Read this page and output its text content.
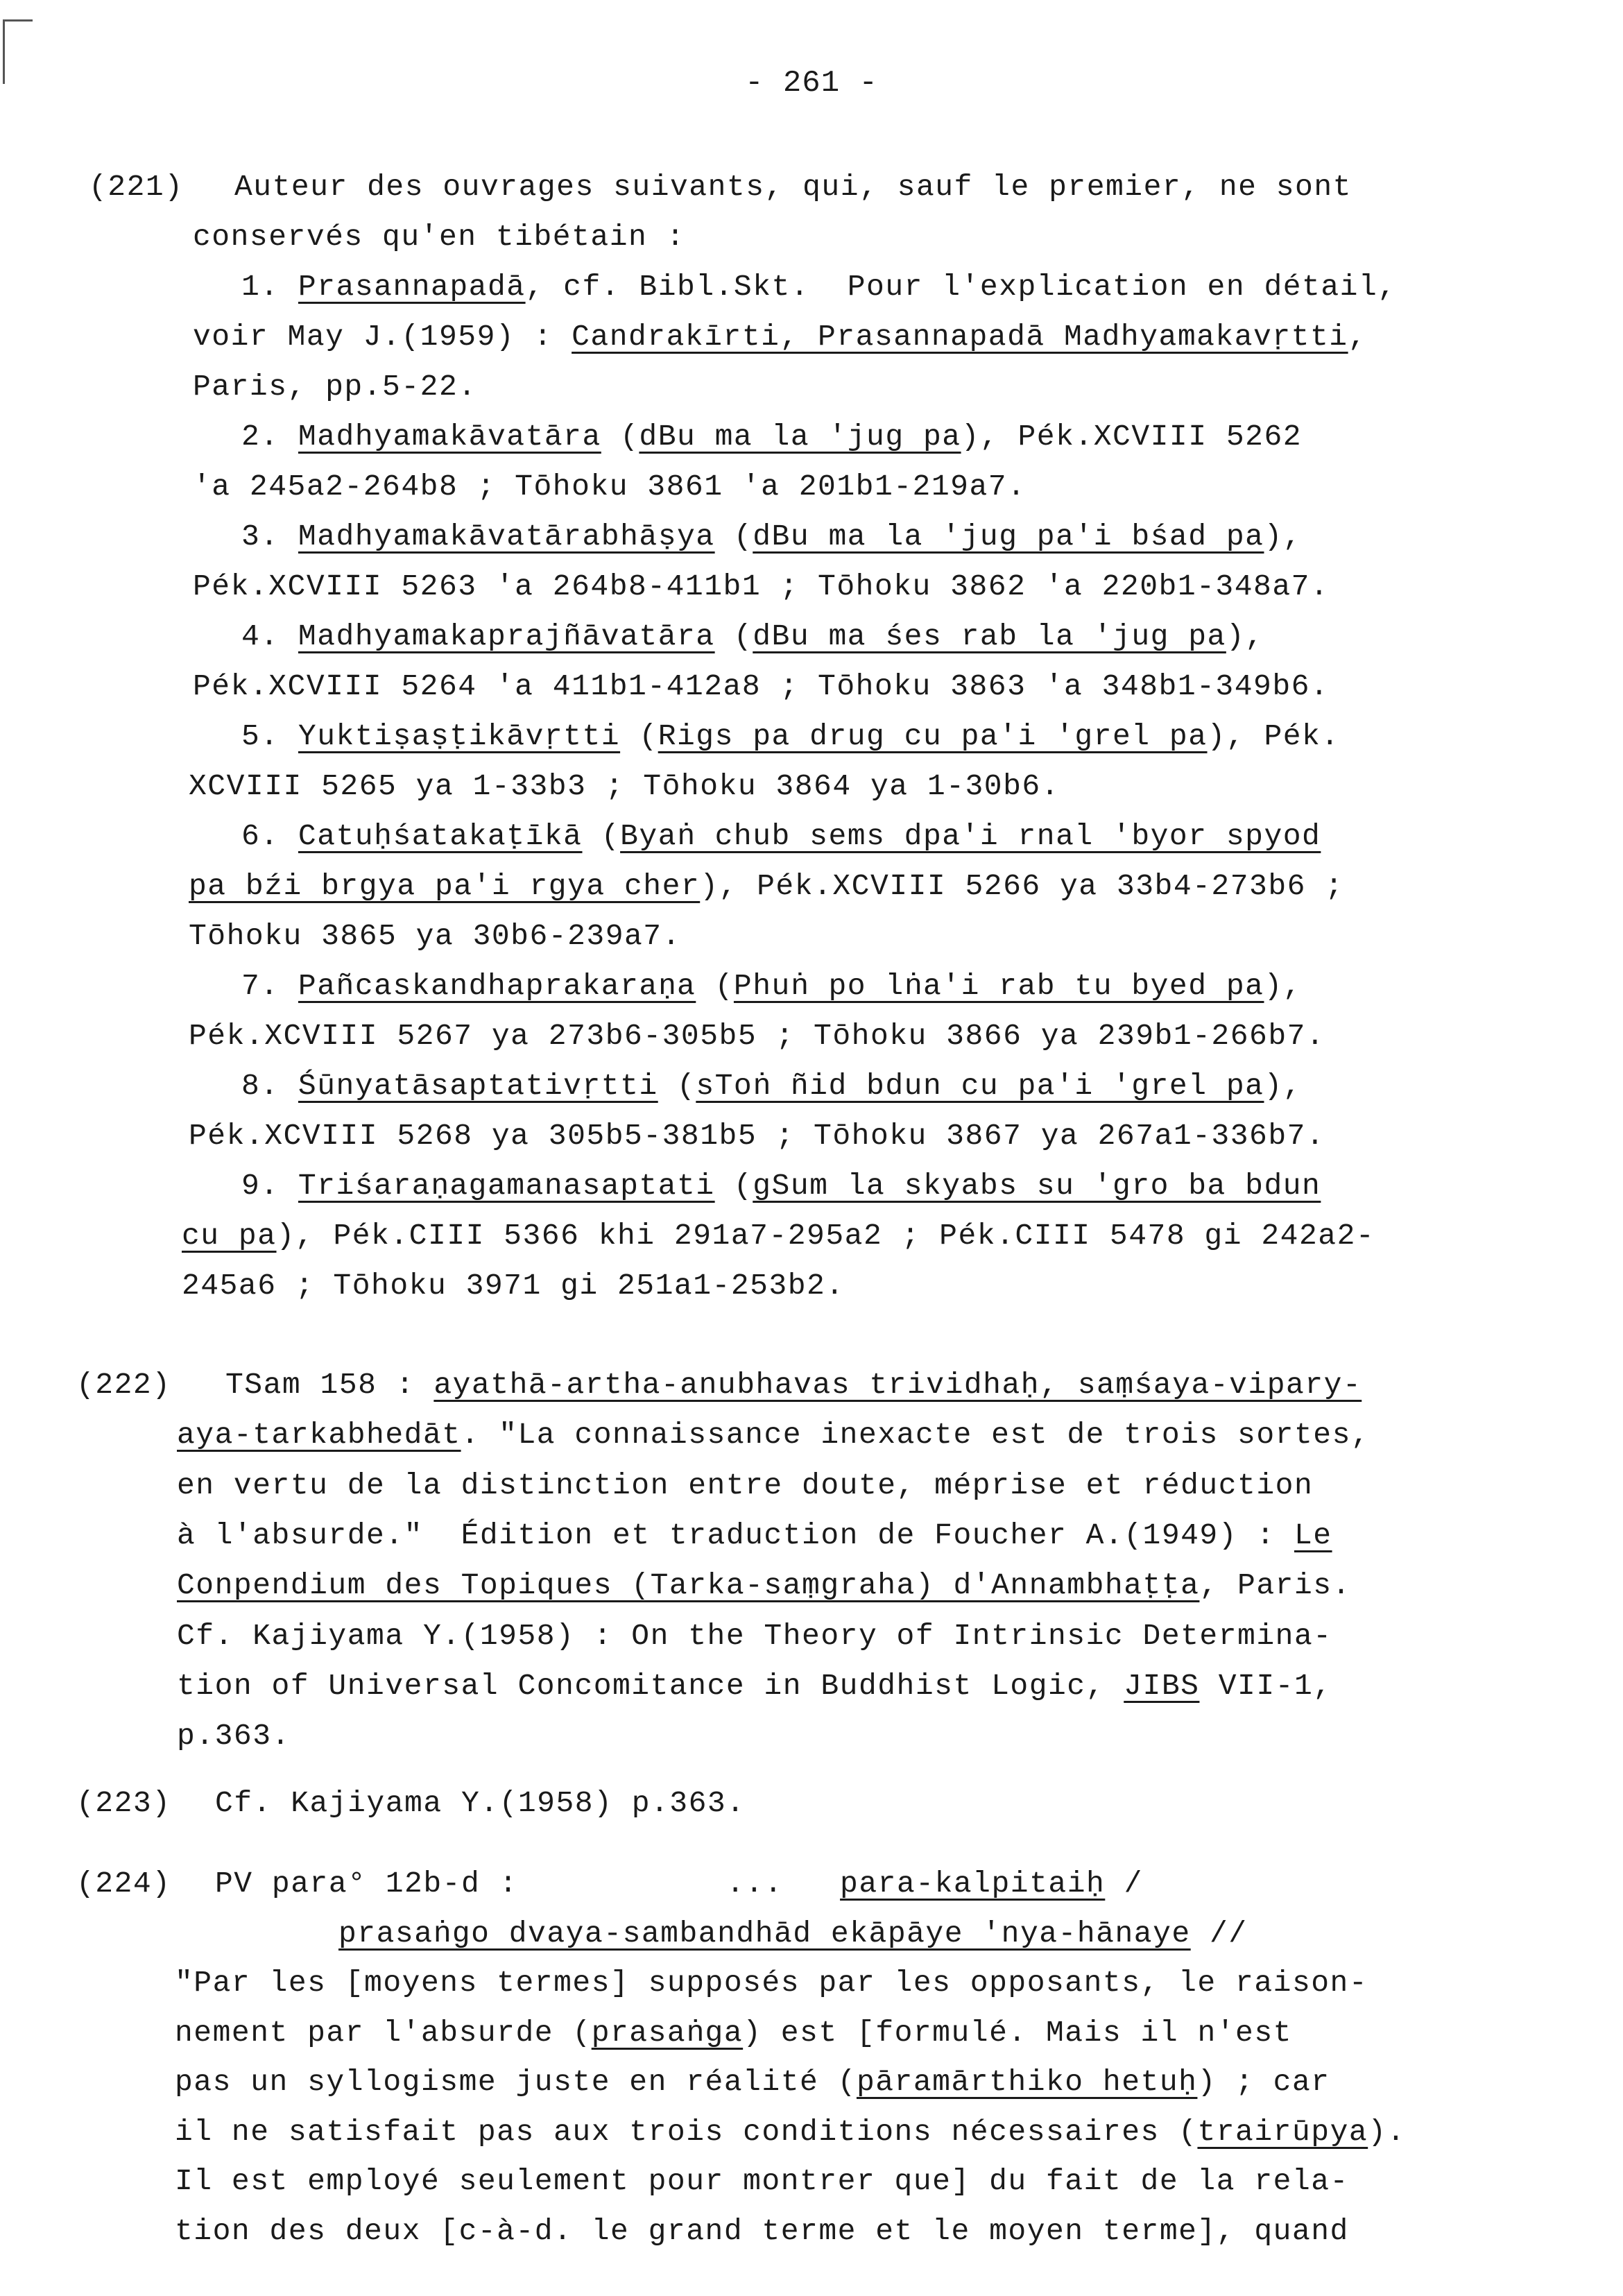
- 261 -
(221) Auteur des ouvrages suivants, qui, sauf le premier, ne sont
conservés qu'en tibétain :
1. Prasannapadā, cf. Bibl.Skt.  Pour l'explication en détail,
voir May J.(1959) : Candrakīrti, Prasannapadā Madhyamakavṛtti,
Paris, pp.5-22.
2. Madhyamakāvatāra (dBu ma la 'jug pa), Pék.XCVIII 5262
'a 245a2-264b8 ; Tōhoku 3861 'a 201b1-219a7.
3. Madhyamakāvatārabhāṣya (dBu ma la 'jug pa'i bśad pa),
Pék.XCVIII 5263 'a 264b8-411b1 ; Tōhoku 3862 'a 220b1-348a7.
4. Madhyamakaprajñāvatāra (dBu ma śes rab la 'jug pa),
Pék.XCVIII 5264 'a 411b1-412a8 ; Tōhoku 3863 'a 348b1-349b6.
5. Yuktiṣaṣṭikāvṛtti (Rigs pa drug cu pa'i 'grel pa), Pék.
XCVIII 5265 ya 1-33b3 ; Tōhoku 3864 ya 1-30b6.
6. Catuḥśatakaṭīkā (Byaṅ chub sems dpa'i rnal 'byor spyod
pa bźi brgya pa'i rgya cher), Pék.XCVIII 5266 ya 33b4-273b6 ;
Tōhoku 3865 ya 30b6-239a7.
7. Pañcaskandhaprakaraṇa (Phuṅ po lṅa'i rab tu byed pa),
Pék.XCVIII 5267 ya 273b6-305b5 ; Tōhoku 3866 ya 239b1-266b7.
8. Śūnyatāsaptativṛtti (sToṅ ñid bdun cu pa'i 'grel pa),
Pék.XCVIII 5268 ya 305b5-381b5 ; Tōhoku 3867 ya 267a1-336b7.
9. Triśaraṇagamanasaptati (gSum la skyabs su 'gro ba bdun
cu pa), Pék.CIII 5366 khi 291a7-295a2 ; Pék.CIII 5478 gi 242a2-
245a6 ; Tōhoku 3971 gi 251a1-253b2.
(222) TSam 158 : ayathā-artha-anubhavas trividhaḥ, saṃśaya-vipary-
aya-tarkabhedāt. "La connaissance inexacte est de trois sortes,
en vertu de la distinction entre doute, méprise et réduction
à l'absurde."  Édition et traduction de Foucher A.(1949) : Le
Conpendium des Topiques (Tarka-saṃgraha) d'Annambhaṭṭa, Paris.
Cf. Kajiyama Y.(1958) : On the Theory of Intrinsic Determina-
tion of Universal Concomitance in Buddhist Logic, JIBS VII-1,
p.363.
(223) Cf. Kajiyama Y.(1958) p.363.
(224) PV para° 12b-d :           ...   para-kalpitaiḥ /
prasaṅgo dvaya-sambandhād ekāpāye 'nya-hānaye //
"Par les [moyens termes] supposés par les opposants, le raison-
nement par l'absurde (prasaṅga) est [formulé. Mais il n'est
pas un syllogisme juste en réalité (pāramārthiko hetuḥ) ; car
il ne satisfait pas aux trois conditions nécessaires (trairūpya).
Il est employé seulement pour montrer que] du fait de la rela-
tion des deux [c-à-d. le grand terme et le moyen terme], quand
